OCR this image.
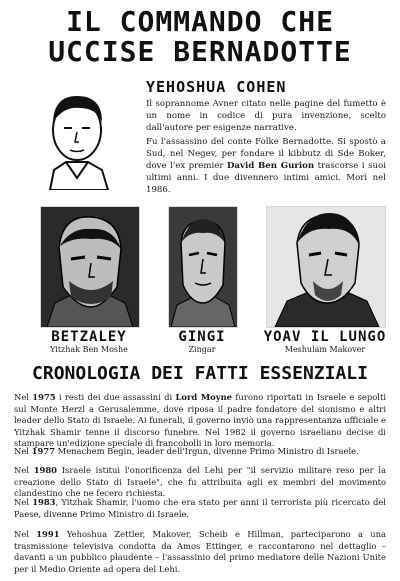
IL COMMANDO CHE
UCCISE BERNADOTTE
YEHOSHUA COHEN
Il soprannome Avner citato nelle pagine del fumetto è un nome in codice di pura invenzione, scelto dall'autore per esigenze narrative.
Fu l'assassino del conte Folke Bernadotte. Si spostò a Sud, nel Negev, per fondare il kibbutz di Sde Boker, dove l'ex premier David Ben Gurion trascorse i suoi ultimi anni. I due divennero intimi amici. Morì nel 1986.
BETZALEY
Yitzhak Ben Moshe
GINGI
Zingar
YOAV IL LUNGO
Meshulam Makover
CRONOLOGIA DEI FATTI ESSENZIALI
Nel 1975 i resti dei due assassini di Lord Moyne furono riportati in Israele e sepolti sul Monte Herzl a Gerusalemme, dove riposa il padre fondatore del sionismo e altri leader dello Stato di Israele. Ai funerali, il governo inviò una rappresentanza ufficiale e Yitzhak Shamir tenne il discorso funebre. Nel 1982 il governo israeliano decise di stampare un'edizione speciale di francobolli in loro memoria.
Nel 1977 Menachem Begin, leader dell'Irgun, divenne Primo Ministro di Israele.
Nel 1980 Israele istituì l'onorificenza del Lehi per "il servizio militare reso per la creazione dello Stato di Israele", che fu attribuita agli ex membri del movimento clandestino che ne fecero richiesta.
Nel 1983, Yitzhak Shamir, l'uomo che era stato per anni il terrorista più ricercato del Paese, divenne Primo Ministro di Israele.
Nel 1991 Yehoshua Zettler, Makover, Scheib e Hillman, parteciparono a una trasmissione televisiva condotta da Amos Ettinger, e raccontarono nel dettaglio – davanti a un pubblico plaudente – l'assassinio del primo mediatore delle Nazioni Unite per il Medio Oriente ad opera del Lehi.
